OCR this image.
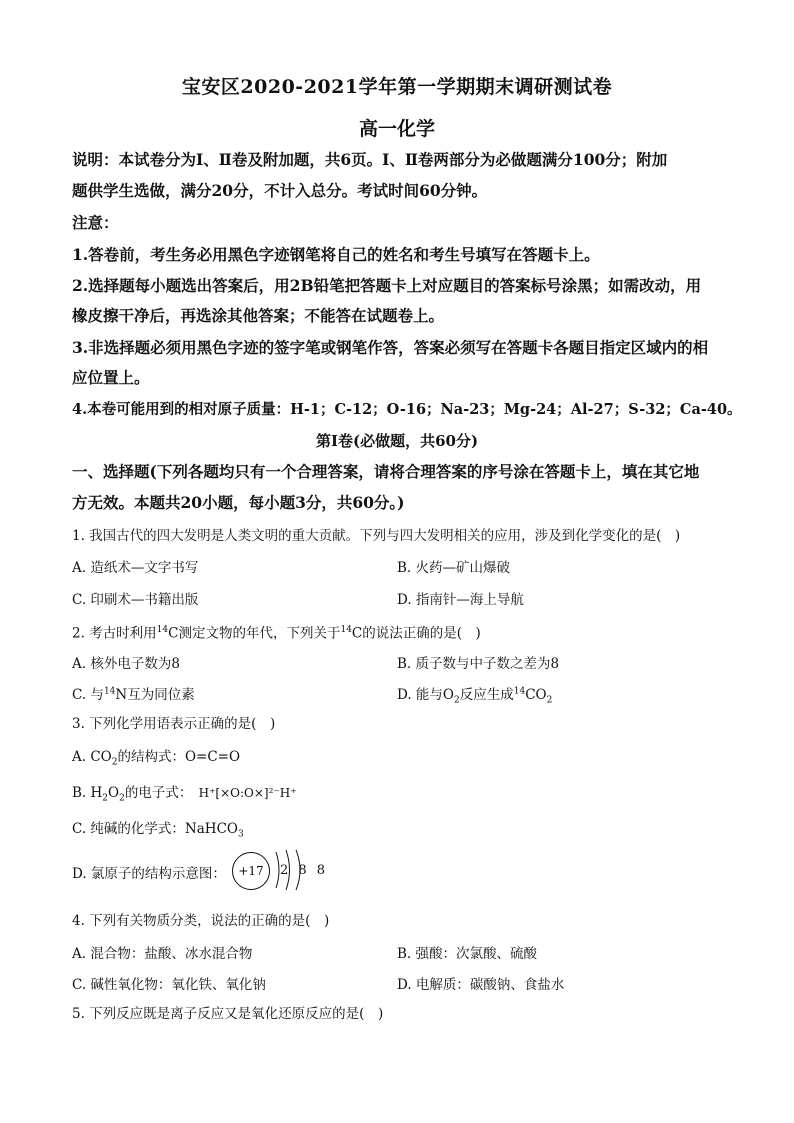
宝安区2020-2021学年第一学期期末调研测试卷
高一化学
说明：本试卷分为Ⅰ、Ⅱ卷及附加题，共6页。Ⅰ、Ⅱ卷两部分为必做题满分100分；附加
题供学生选做，满分20分，不计入总分。考试时间60分钟。
注意：
1.答卷前，考生务必用黑色字迹钢笔将自己的姓名和考生号填写在答题卡上。
2.选择题每小题选出答案后，用2B铅笔把答题卡上对应题目的答案标号涂黑；如需改动，用
橡皮擦干净后，再选涂其他答案；不能答在试题卷上。
3.非选择题必须用黑色字迹的签字笔或钢笔作答，答案必须写在答题卡各题目指定区域内的相
应位置上。
4.本卷可能用到的相对原子质量：H-1；C-12；O-16；Na-23；Mg-24；Al-27；S-32；Ca-40。
第Ⅰ卷(必做题，共60分)
一、选择题(下列各题均只有一个合理答案，请将合理答案的序号涂在答题卡上，填在其它地
方无效。本题共20小题，每小题3分，共60分。)
1. 我国古代的四大发明是人类文明的重大贡献。下列与四大发明相关的应用，涉及到化学变化的是(　)
A. 造纸术—文字书写	B. 火药—矿山爆破
C. 印刷术—书籍出版	D. 指南针—海上导航
2. 考古时利用$^{14}$C测定文物的年代，下列关于$^{14}$C的说法正确的是(　)
A. 核外电子数为8	B. 质子数与中子数之差为8
C. 与$^{14}$N互为同位素	D. 能与$O_2$反应生成$^{14}CO_2$
3. 下列化学用语表示正确的是(　)
A. $CO_2$的结构式：O=C=O
B. $H_2O_2$的电子式： H⁺[×O:O×]²⁻H⁺
C. 纯碱的化学式：NaHCO$_3$
D. 氯原子的结构示意图：	+17	2 8 8
4. 下列有关物质分类，说法的正确的是(　)
A. 混合物：盐酸、冰水混合物	B. 强酸：次氯酸、硫酸
C. 碱性氧化物：氧化铁、氧化钠	D. 电解质：碳酸钠、食盐水
5. 下列反应既是离子反应又是氧化还原反应的是(　)
